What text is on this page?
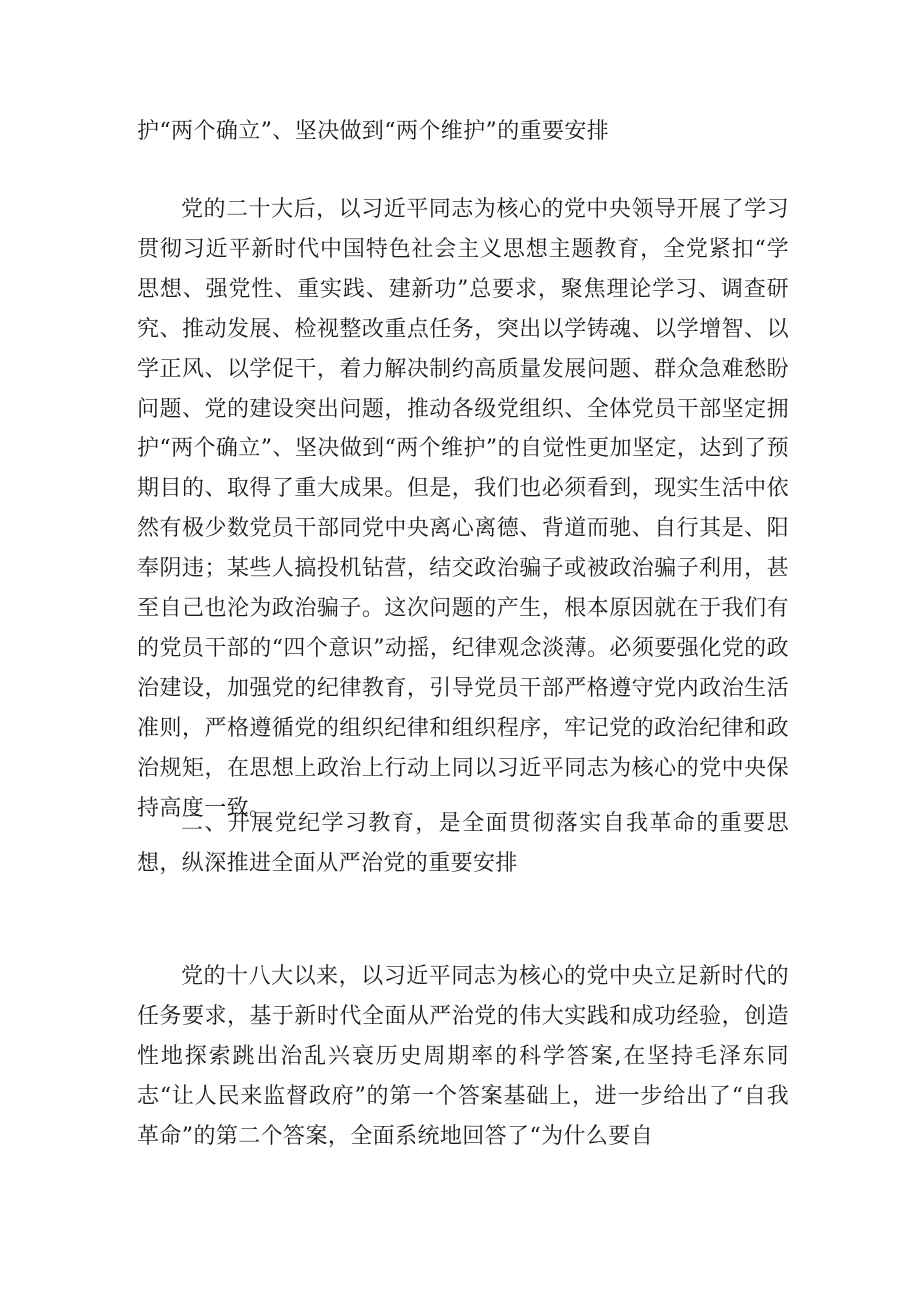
护“两个确立”、坚决做到“两个维护”的重要安排

党的二十大后，以习近平同志为核心的党中央领导开展了学习贯彻习近平新时代中国特色社会主义思想主题教育，全党紧扣“学思想、强党性、重实践、建新功”总要求，聚焦理论学习、调查研究、推动发展、检视整改重点任务，突出以学铸魂、以学增智、以学正风、以学促干，着力解决制约高质量发展问题、群众急难愁盼问题、党的建设突出问题，推动各级党组织、全体党员干部坚定拥护“两个确立”、坚决做到“两个维护”的自觉性更加坚定，达到了预期目的、取得了重大成果。但是，我们也必须看到，现实生活中依然有极少数党员干部同党中央离心离德、背道而驰、自行其是、阳奉阴违；某些人搞投机钻营，结交政治骗子或被政治骗子利用，甚至自己也沦为政治骗子。这次问题的产生，根本原因就在于我们有的党员干部的“四个意识”动摇，纪律观念淡薄。必须要强化党的政治建设，加强党的纪律教育，引导党员干部严格遵守党内政治生活准则，严格遵循党的组织纪律和组织程序，牢记党的政治纪律和政治规矩，在思想上政治上行动上同以习近平同志为核心的党中央保持高度一致。

二、开展党纪学习教育，是全面贯彻落实自我革命的重要思想，纵深推进全面从严治党的重要安排

党的十八大以来，以习近平同志为核心的党中央立足新时代的任务要求，基于新时代全面从严治党的伟大实践和成功经验，创造性地探索跳出治乱兴衰历史周期率的科学答案,在坚持毛泽东同志“让人民来监督政府”的第一个答案基础上，进一步给出了“自我革命”的第二个答案，全面系统地回答了“为什么要自
